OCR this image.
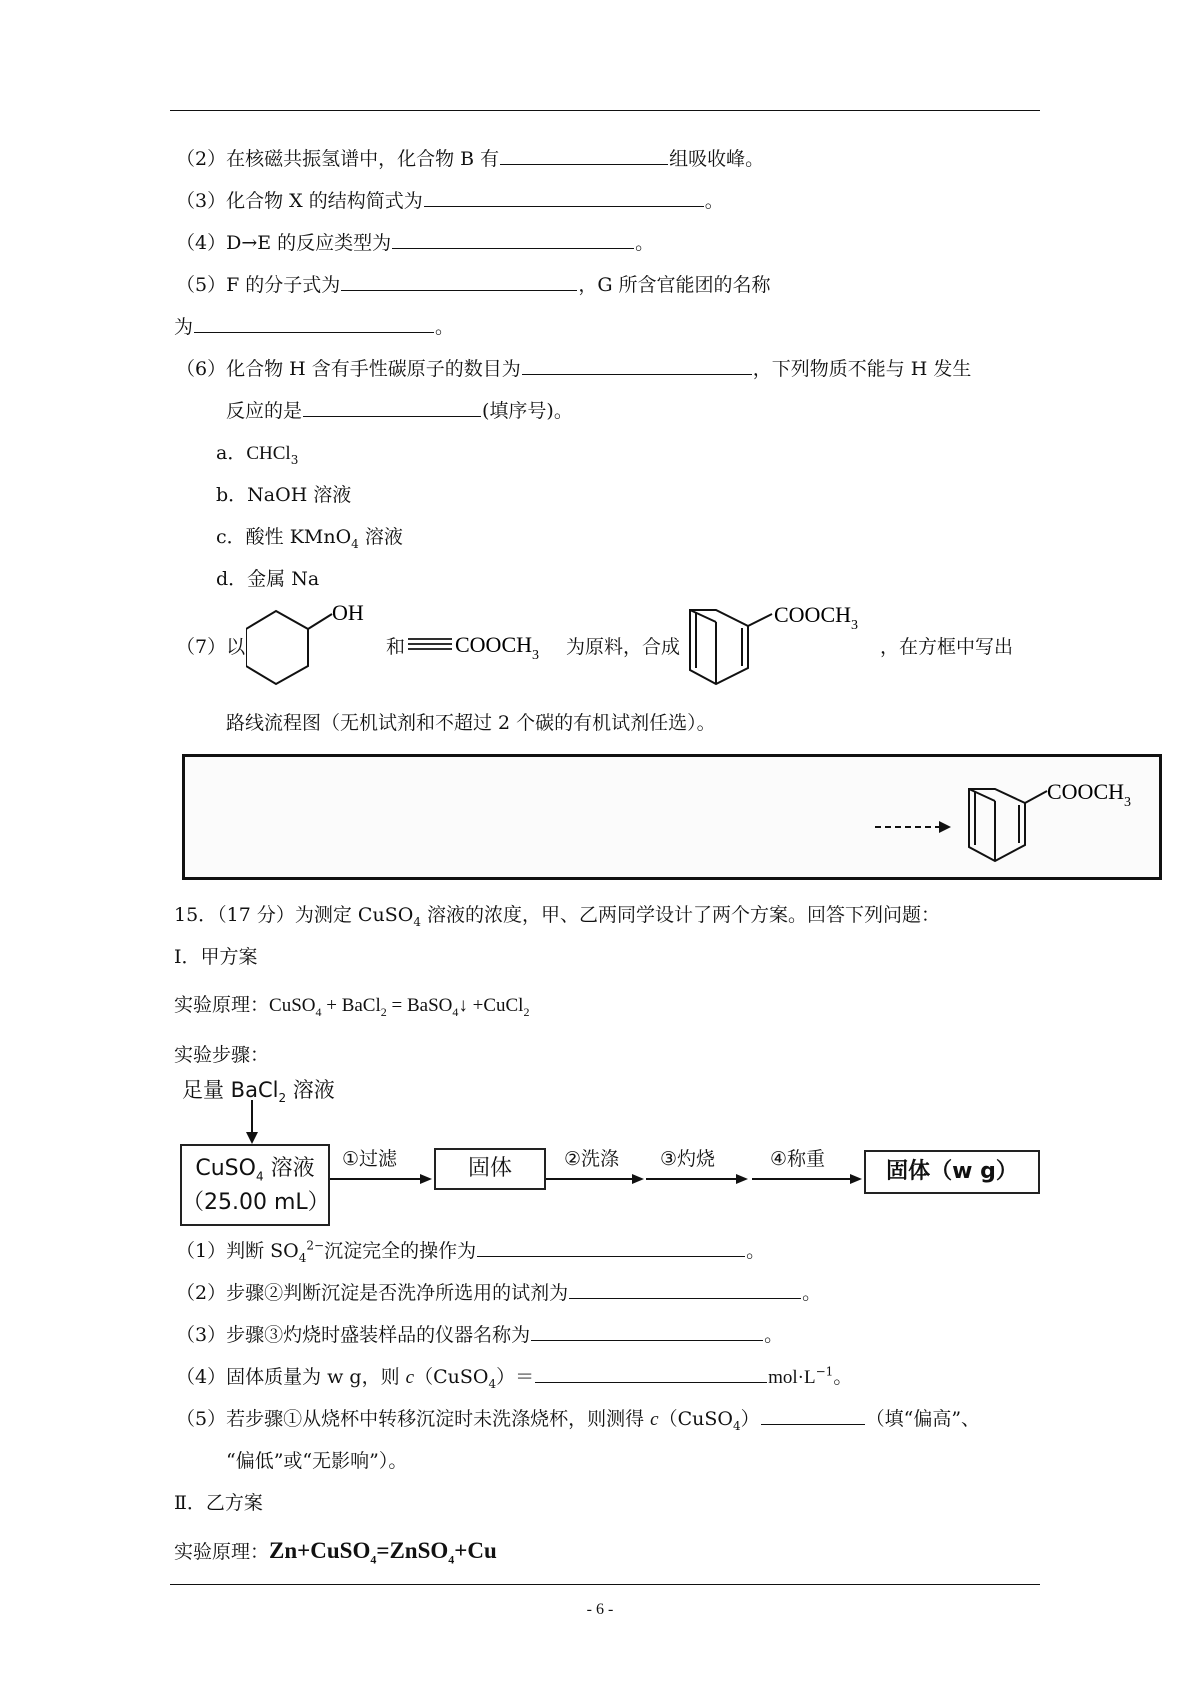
（2）在核磁共振氢谱中，化合物 B 有	组吸收峰。
（3）化合物 X 的结构简式为	。
（4）D→E 的反应类型为	。
（5）F 的分子式为	，G 所含官能团的名称
为	。
（6）化合物 H 含有手性碳原子的数目为	，下列物质不能与 H 发生
反应的是	(填序号)。
a．CHCl$_3$
b．NaOH 溶液
c．酸性 KMnO$_4$ 溶液
d．金属 Na
（7）以
OH
和 $COOCH_3$ 为原料，合成
$COOCH_3$
，在方框中写出
路线流程图（无机试剂和不超过 2 个碳的有机试剂任选）。
$COOCH_3$
15．（17 分）为测定 CuSO$_4$ 溶液的浓度，甲、乙两同学设计了两个方案。回答下列问题：
Ⅰ．甲方案
实验原理：CuSO$_4$ + BaCl$_2$ = BaSO$_4$↓ +CuCl$_2$
实验步骤：
足量 BaCl$_2$ 溶液
CuSO$_4$ 溶液
（25.00 mL）
①过滤	固体	②洗涤 ③灼烧	④称重	固体（w g）
（1）判断 $SO_4^{2-}$沉淀完全的操作为	。
（2）步骤②判断沉淀是否洗净所选用的试剂为	。
（3）步骤③灼烧时盛装样品的仪器名称为	。
（4）固体质量为 w g，则 c（CuSO$_4$）＝	$mol\cdot L^{-1}$。
（5）若步骤①从烧杯中转移沉淀时未洗涤烧杯，则测得 c（CuSO$_4$）	（填“偏高”、
“偏低”或“无影响”）。
Ⅱ．乙方案
实验原理：Zn+CuSO$_4$=ZnSO$_4$+Cu
- 6 -
